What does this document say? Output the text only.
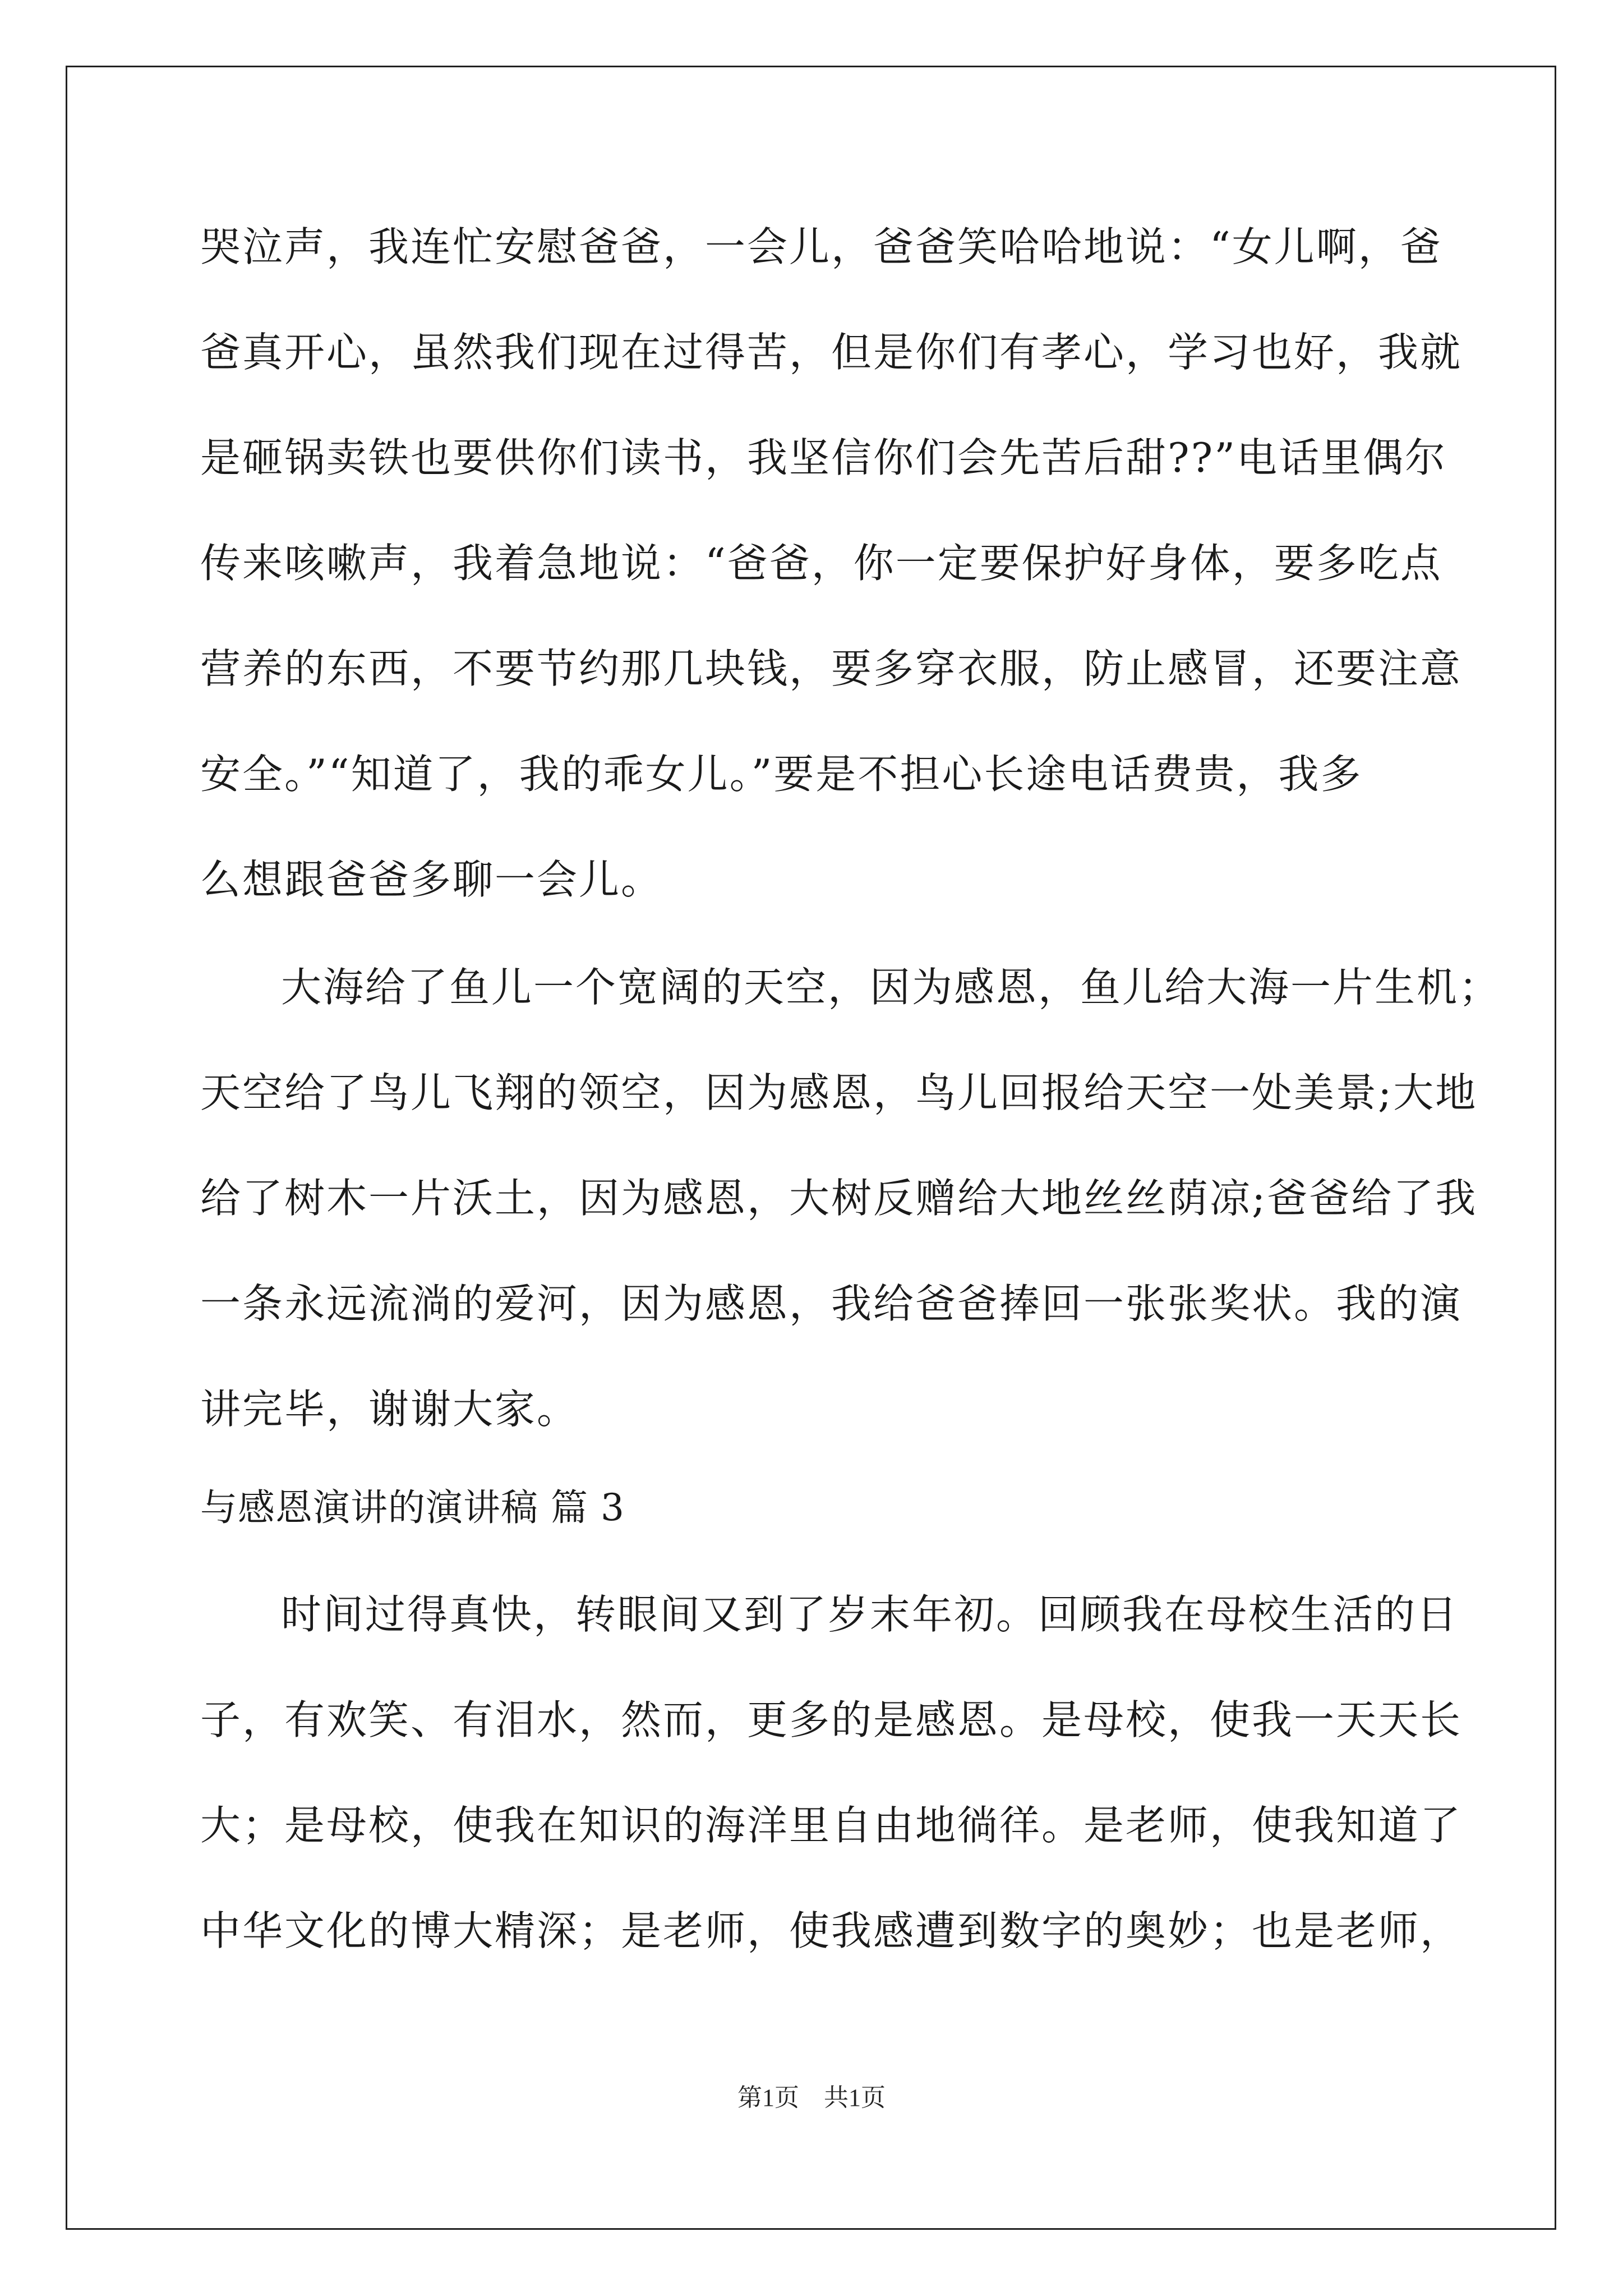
哭泣声，我连忙安慰爸爸，一会儿，爸爸笑哈哈地说：“女儿啊，爸
爸真开心，虽然我们现在过得苦，但是你们有孝心，学习也好，我就
是砸锅卖铁也要供你们读书，我坚信你们会先苦后甜??”电话里偶尔
传来咳嗽声，我着急地说：“爸爸，你一定要保护好身体，要多吃点
营养的东西，不要节约那几块钱，要多穿衣服，防止感冒，还要注意
安全。”“知道了，我的乖女儿。”要是不担心长途电话费贵，我多
么想跟爸爸多聊一会儿。
大海给了鱼儿一个宽阔的天空，因为感恩，鱼儿给大海一片生机；
天空给了鸟儿飞翔的领空，因为感恩，鸟儿回报给天空一处美景;大地
给了树木一片沃土，因为感恩，大树反赠给大地丝丝荫凉;爸爸给了我
一条永远流淌的爱河，因为感恩，我给爸爸捧回一张张奖状。我的演
讲完毕，谢谢大家。
与感恩演讲的演讲稿 篇 3
时间过得真快，转眼间又到了岁末年初。回顾我在母校生活的日
子，有欢笑、有泪水，然而，更多的是感恩。是母校，使我一天天长
大；是母校，使我在知识的海洋里自由地徜徉。是老师，使我知道了
中华文化的博大精深；是老师，使我感遭到数字的奥妙；也是老师，
第1页　共1页
